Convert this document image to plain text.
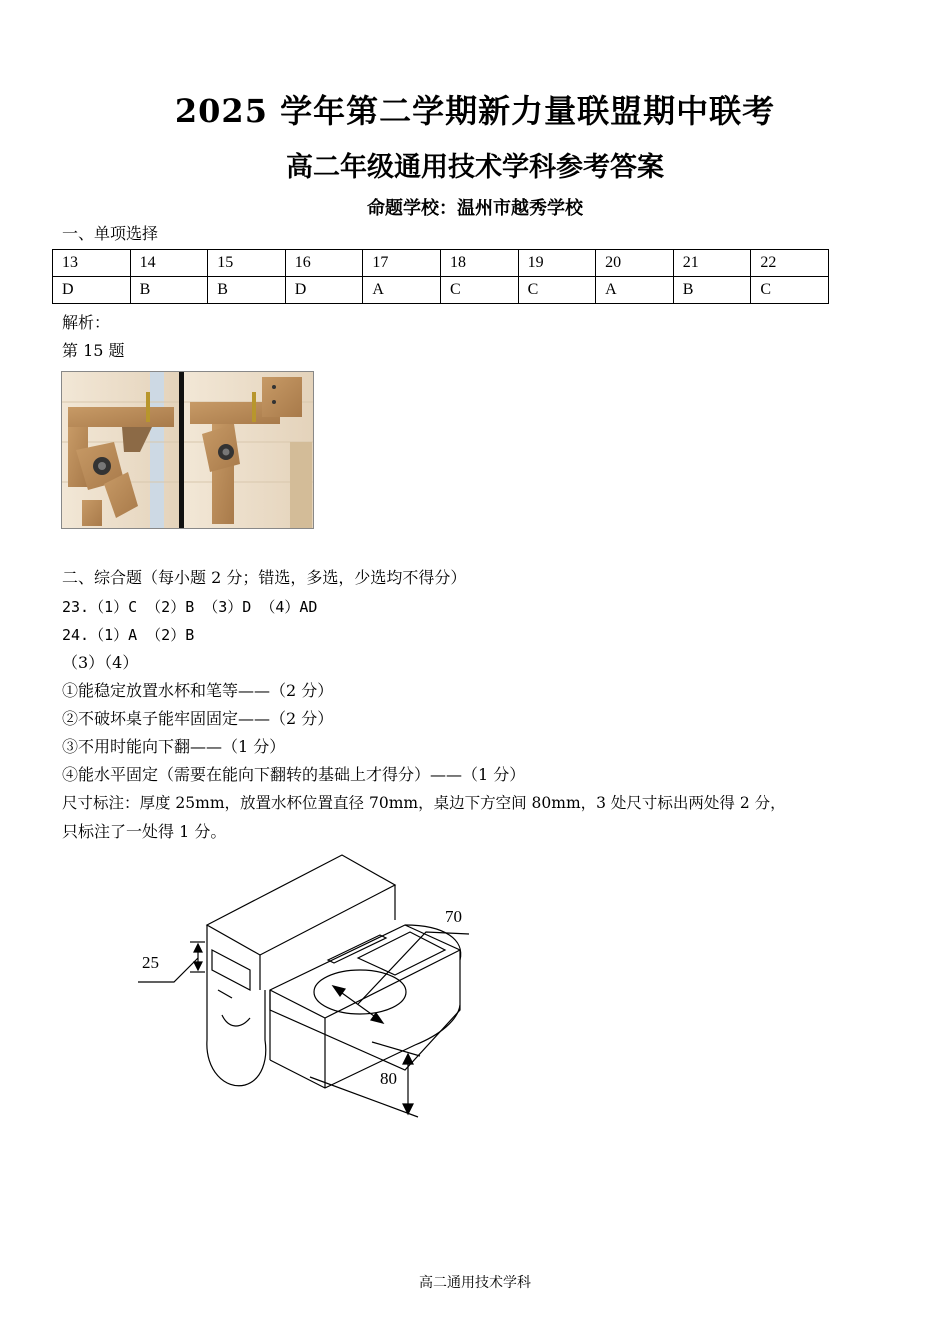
2025 学年第二学期新力量联盟期中联考
高二年级通用技术学科参考答案
命题学校：温州市越秀学校
一、单项选择
13	14	15	16	17	18	19	20	21	22
D	B	B	D	A	C	C	A	B	C
解析：
第 15 题
二、综合题（每小题 2 分；错选，多选，少选均不得分）
23.（1）C （2）B （3）D （4）AD
24.（1）A （2）B
（3）（4）
①能稳定放置水杯和笔等——（2 分）
②不破坏桌子能牢固固定——（2 分）
③不用时能向下翻——（1 分）
④能水平固定（需要在能向下翻转的基础上才得分）——（1 分）
尺寸标注：厚度 25mm，放置水杯位置直径 70mm，桌边下方空间 80mm，3 处尺寸标出两处得 2 分，
只标注了一处得 1 分。
25
70
80
高二通用技术学科
